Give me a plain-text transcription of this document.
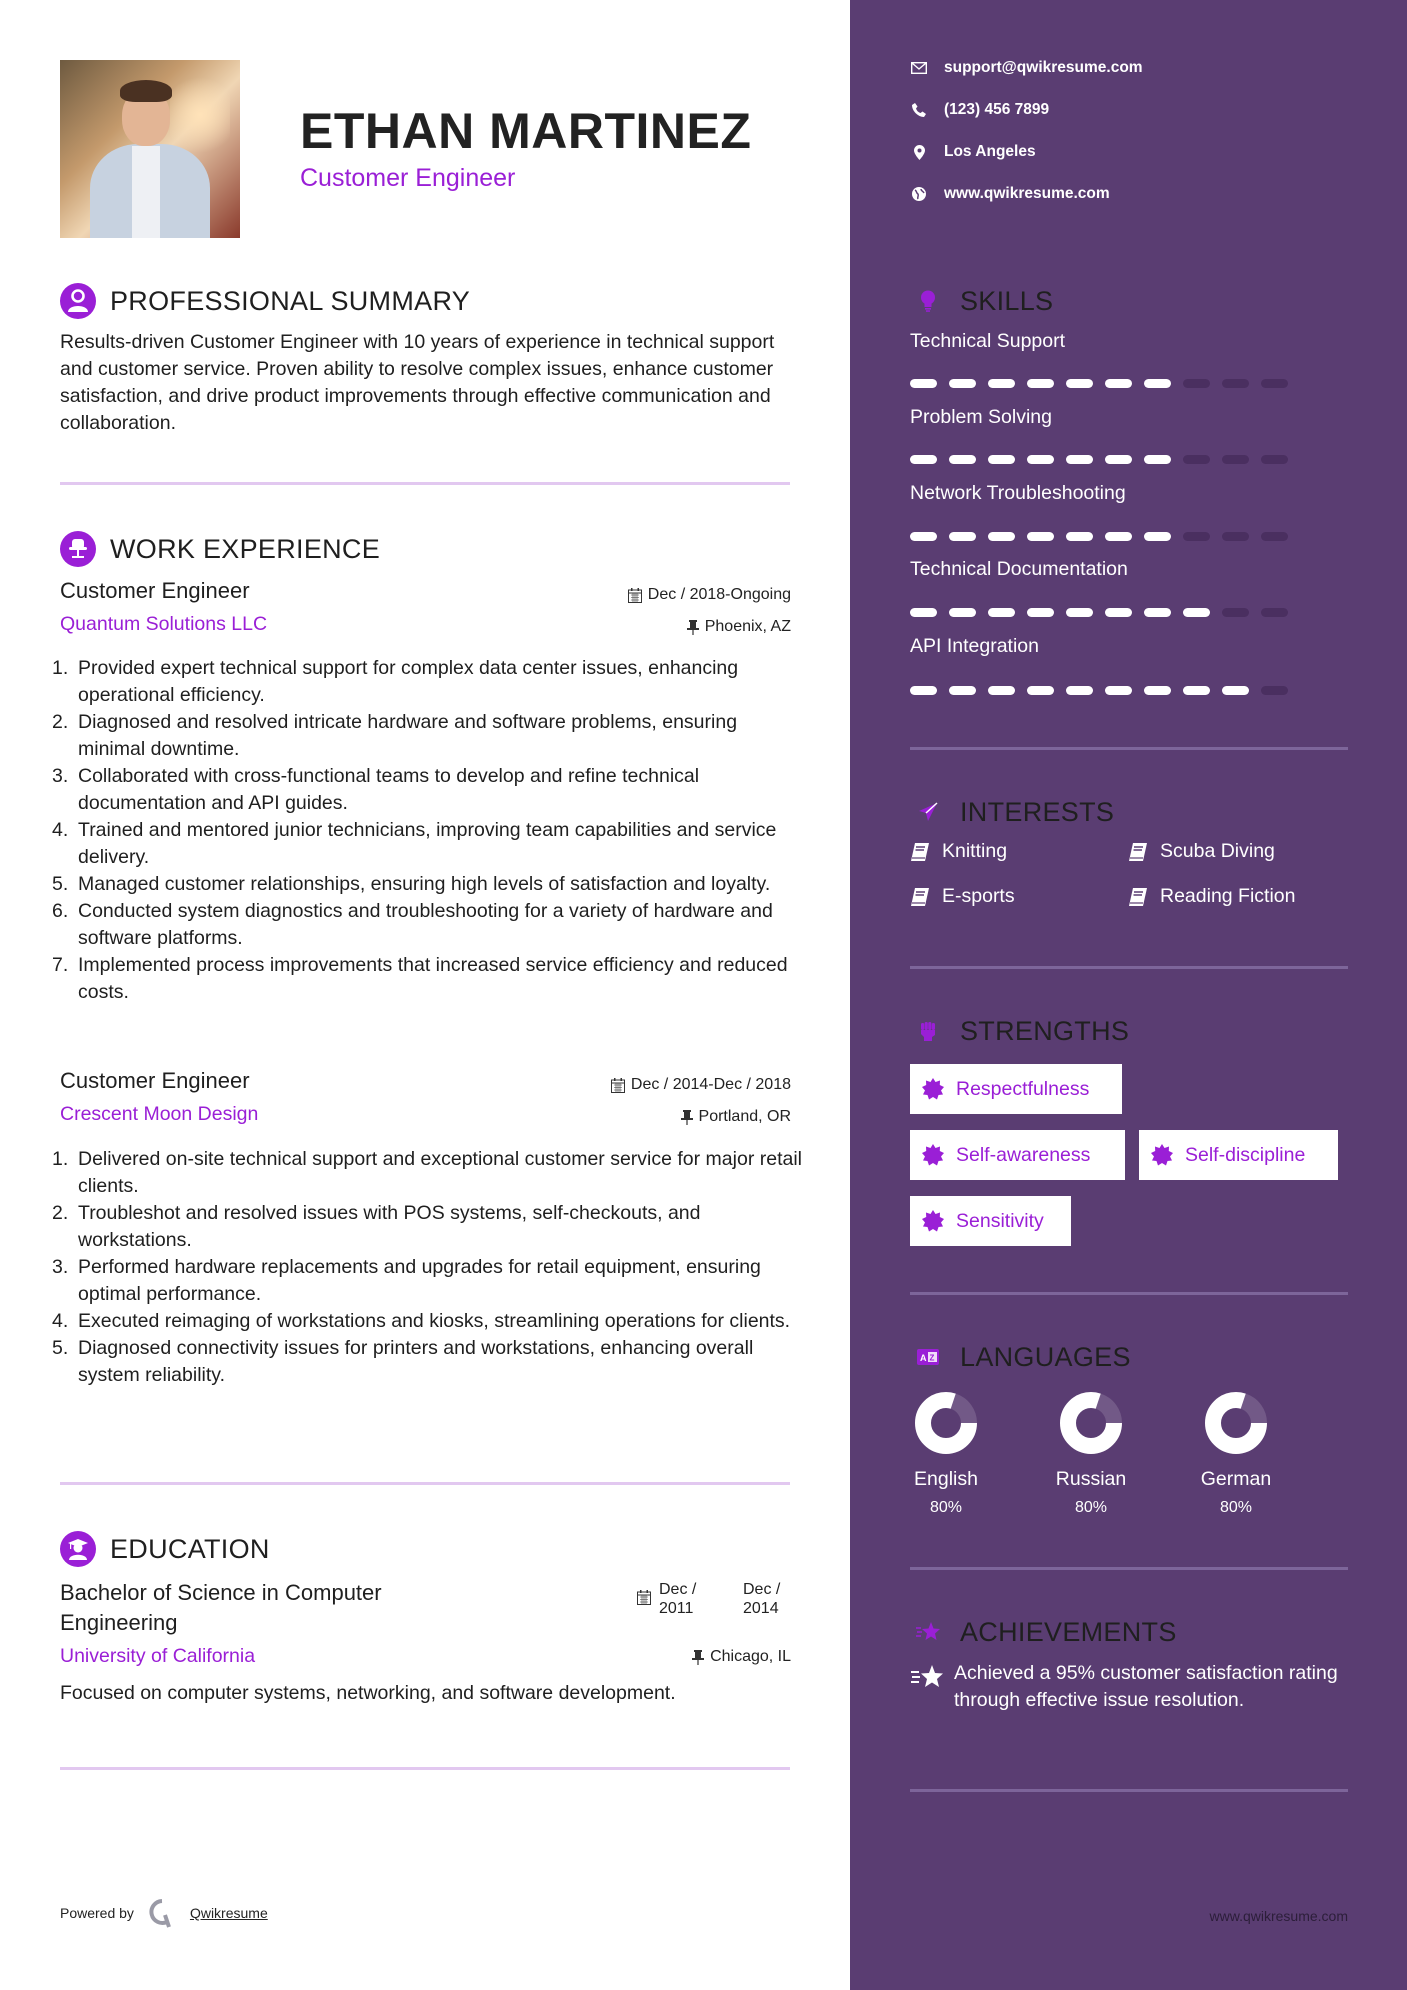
ETHAN MARTINEZ
Customer Engineer
PROFESSIONAL SUMMARY
Results-driven Customer Engineer with 10 years of experience in technical support and customer service. Proven ability to resolve complex issues, enhance customer satisfaction, and drive product improvements through effective communication and collaboration.
WORK EXPERIENCE
Customer Engineer	Dec / 2018-Ongoing
Quantum Solutions LLC	Phoenix, AZ
1. Provided expert technical support for complex data center issues, enhancing operational efficiency.
2. Diagnosed and resolved intricate hardware and software problems, ensuring minimal downtime.
3. Collaborated with cross-functional teams to develop and refine technical documentation and API guides.
4. Trained and mentored junior technicians, improving team capabilities and service delivery.
5. Managed customer relationships, ensuring high levels of satisfaction and loyalty.
6. Conducted system diagnostics and troubleshooting for a variety of hardware and software platforms.
7. Implemented process improvements that increased service efficiency and reduced costs.
Customer Engineer	Dec / 2014-Dec / 2018
Crescent Moon Design	Portland, OR
1. Delivered on-site technical support and exceptional customer service for major retail clients.
2. Troubleshot and resolved issues with POS systems, self-checkouts, and workstations.
3. Performed hardware replacements and upgrades for retail equipment, ensuring optimal performance.
4. Executed reimaging of workstations and kiosks, streamlining operations for clients.
5. Diagnosed connectivity issues for printers and workstations, enhancing overall system reliability.
EDUCATION
Bachelor of Science in Computer Engineering
Dec / 2011
Dec / 2014
University of California	Chicago, IL
Focused on computer systems, networking, and software development.
Powered by	Qwikresume
support@qwikresume.com
(123) 456 7899
Los Angeles
www.qwikresume.com
SKILLS
Technical Support
Problem Solving
Network Troubleshooting
Technical Documentation
API Integration
INTERESTS
Knitting	Scuba Diving
E-sports	Reading Fiction
STRENGTHS
Respectfulness
Self-awareness	Self-discipline
Sensitivity
A Z LANGUAGES
English
80%
Russian
80%
German
80%
ACHIEVEMENTS
Achieved a 95% customer satisfaction rating through effective issue resolution.
www.qwikresume.com
